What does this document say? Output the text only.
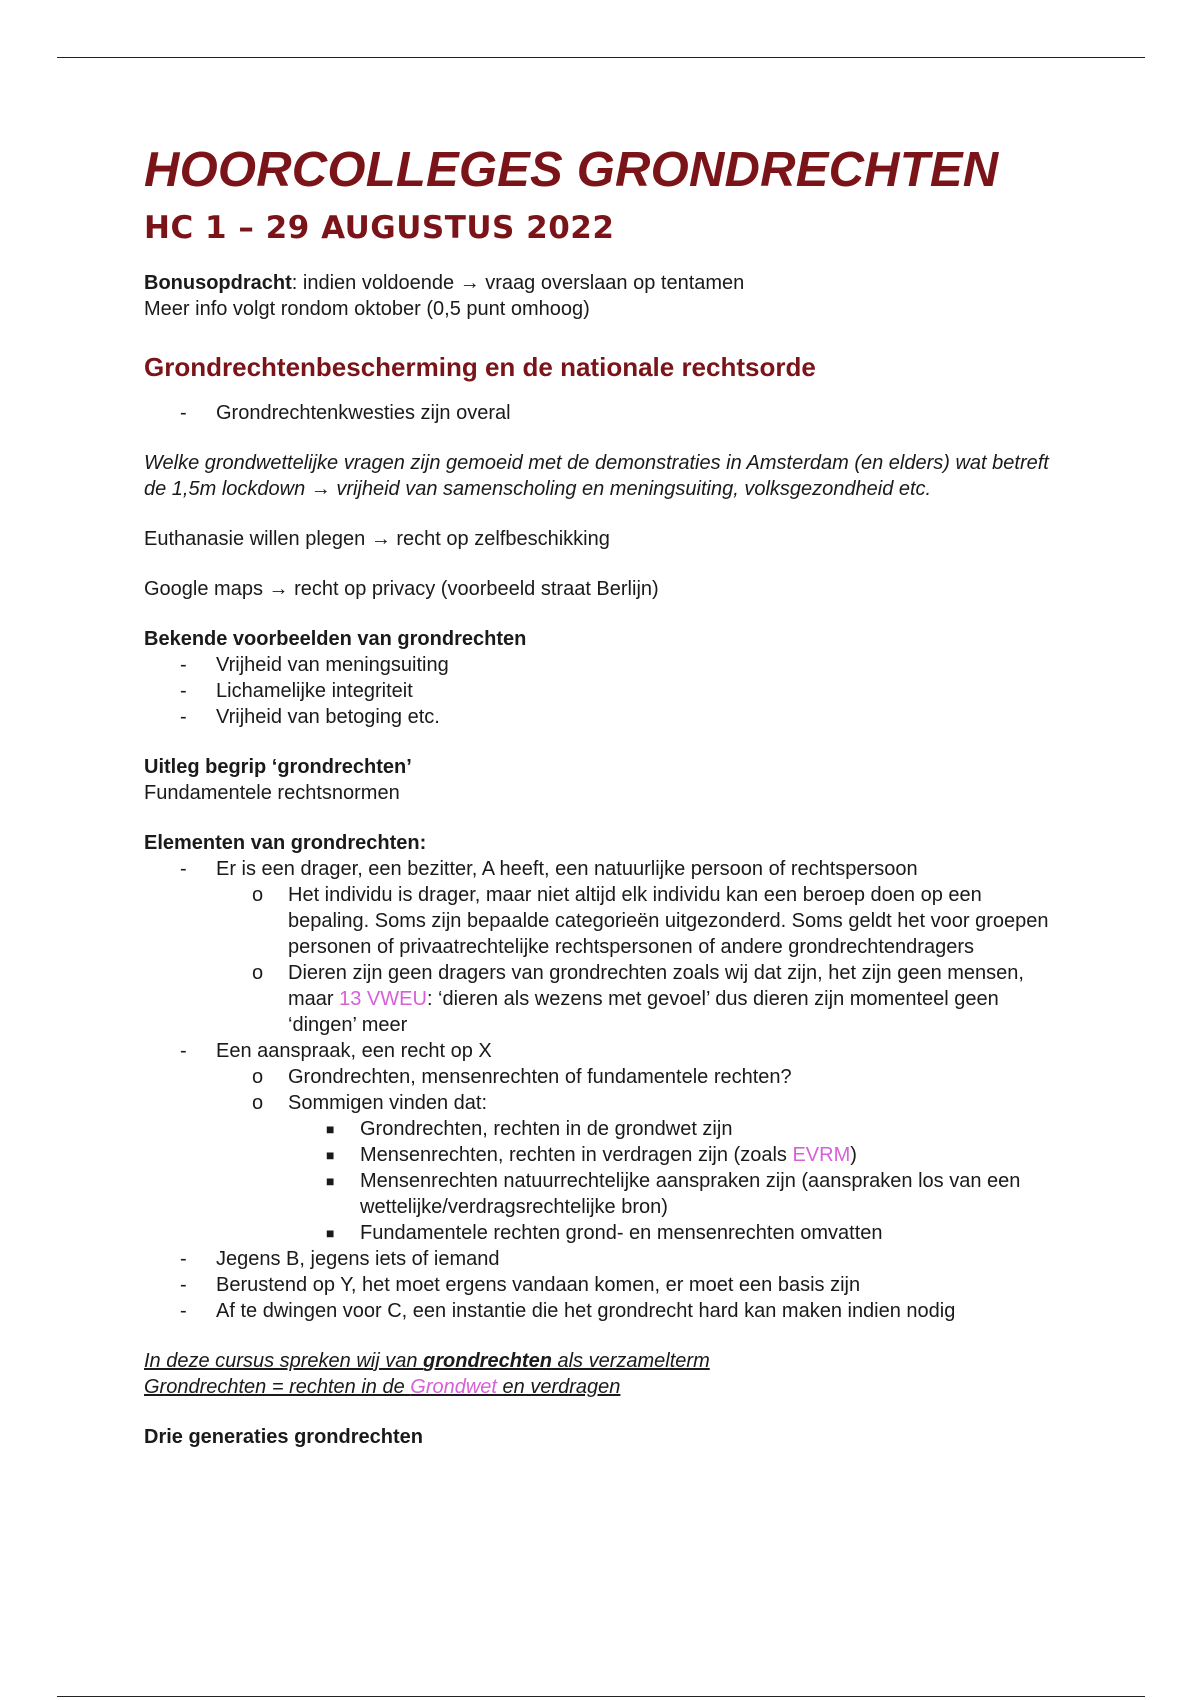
HOORCOLLEGES GRONDRECHTEN
HC 1 – 29 AUGUSTUS 2022

Bonusopdracht: indien voldoende → vraag overslaan op tentamen

Meer info volgt rondom oktober (0,5 punt omhoog)

Grondrechtenbescherming en de nationale rechtsorde
-	Grondrechtenkwesties zijn overal

Welke grondwettelijke vragen zijn gemoeid met de demonstraties in Amsterdam (en elders) wat betreft de 1,5m lockdown → vrijheid van samenscholing en meningsuiting, volksgezondheid etc.

Euthanasie willen plegen → recht op zelfbeschikking

Google maps → recht op privacy (voorbeeld straat Berlijn)

Bekende voorbeelden van grondrechten

-	Vrijheid van meningsuiting
-	Lichamelijke integriteit
-	Vrijheid van betoging etc.

Uitleg begrip ‘grondrechten’

Fundamentele rechtsnormen

Elementen van grondrechten:

-	Er is een drager, een bezitter, A heeft, een natuurlijke persoon of rechtspersoon
o	Het individu is drager, maar niet altijd elk individu kan een beroep doen op een bepaling. Soms zijn bepaalde categorieën uitgezonderd. Soms geldt het voor groepen personen of privaatrechtelijke rechtspersonen of andere grondrechtendragers
o	Dieren zijn geen dragers van grondrechten zoals wij dat zijn, het zijn geen mensen, maar 13 VWEU: ‘dieren als wezens met gevoel’ dus dieren zijn momenteel geen ‘dingen’ meer
-	Een aanspraak, een recht op X
o	Grondrechten, mensenrechten of fundamentele rechten?
o	Sommigen vinden dat:
■	Grondrechten, rechten in de grondwet zijn
■	Mensenrechten, rechten in verdragen zijn (zoals EVRM)
■	Mensenrechten natuurrechtelijke aanspraken zijn (aanspraken los van een wettelijke/verdragsrechtelijke bron)
■	Fundamentele rechten grond- en mensenrechten omvatten
-	Jegens B, jegens iets of iemand
-	Berustend op Y, het moet ergens vandaan komen, er moet een basis zijn
-	Af te dwingen voor C, een instantie die het grondrecht hard kan maken indien nodig

In deze cursus spreken wij van grondrechten als verzamelterm

Grondrechten = rechten in de Grondwet en verdragen

Drie generaties grondrechten
